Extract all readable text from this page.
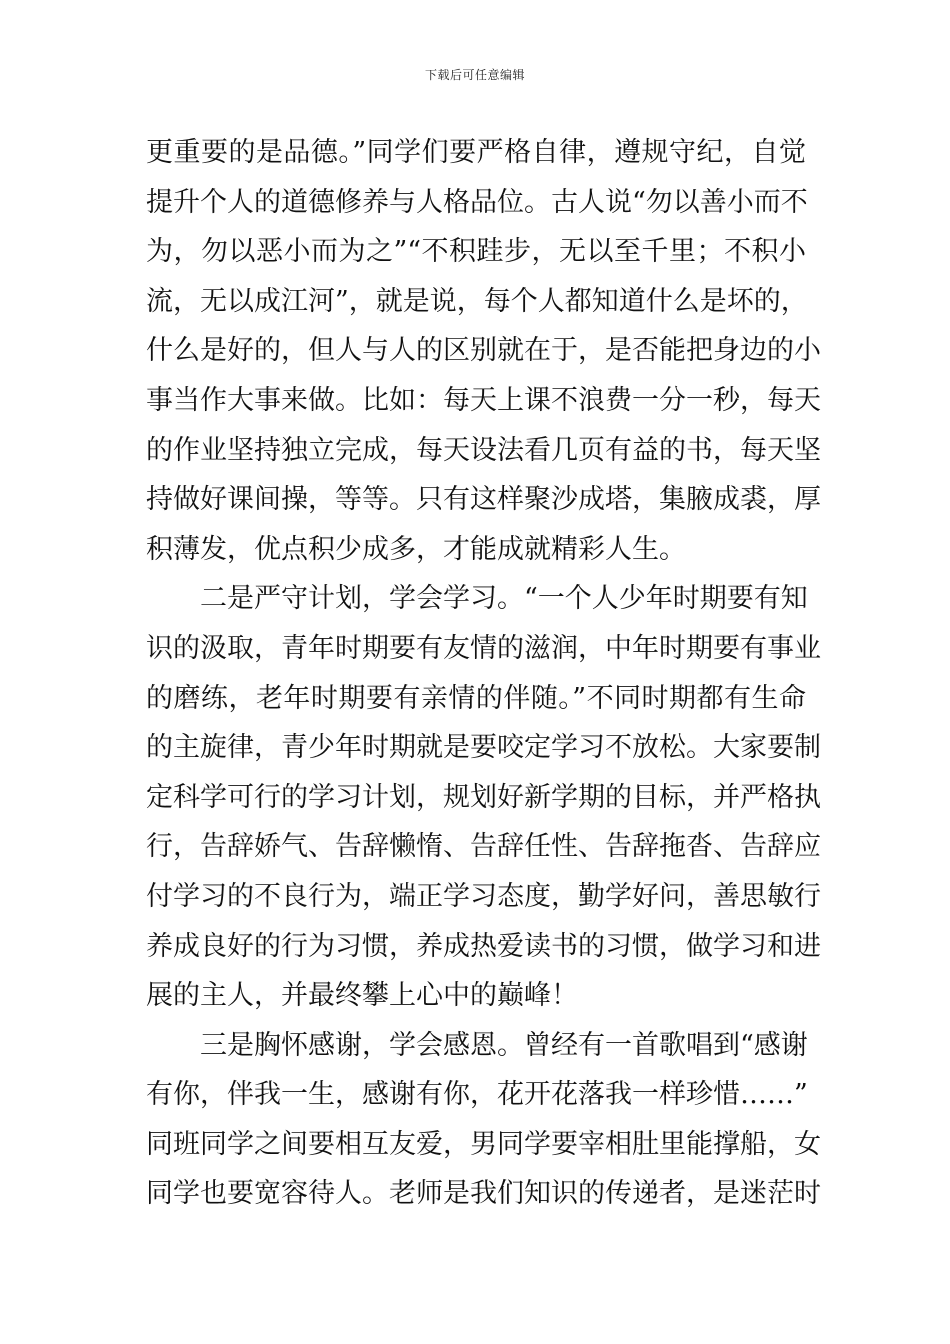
下载后可任意编辑
更重要的是品德。”同学们要严格自律，遵规守纪，自觉
提升个人的道德修养与人格品位。古人说“勿以善小而不
为，勿以恶小而为之”“不积跬步，无以至千里；不积小
流，无以成江河”，就是说，每个人都知道什么是坏的，
什么是好的，但人与人的区别就在于，是否能把身边的小
事当作大事来做。比如：每天上课不浪费一分一秒，每天
的作业坚持独立完成，每天设法看几页有益的书，每天坚
持做好课间操，等等。只有这样聚沙成塔，集腋成裘，厚
积薄发，优点积少成多，才能成就精彩人生。
二是严守计划，学会学习。“一个人少年时期要有知
识的汲取，青年时期要有友情的滋润，中年时期要有事业
的磨练，老年时期要有亲情的伴随。”不同时期都有生命
的主旋律，青少年时期就是要咬定学习不放松。大家要制
定科学可行的学习计划，规划好新学期的目标，并严格执
行，告辞娇气、告辞懒惰、告辞任性、告辞拖沓、告辞应
付学习的不良行为，端正学习态度，勤学好问，善思敏行
养成良好的行为习惯，养成热爱读书的习惯，做学习和进
展的主人，并最终攀上心中的巅峰！
三是胸怀感谢，学会感恩。曾经有一首歌唱到“感谢
有你，伴我一生，感谢有你，花开花落我一样珍惜……”
同班同学之间要相互友爱，男同学要宰相肚里能撑船，女
同学也要宽容待人。老师是我们知识的传递者，是迷茫时
